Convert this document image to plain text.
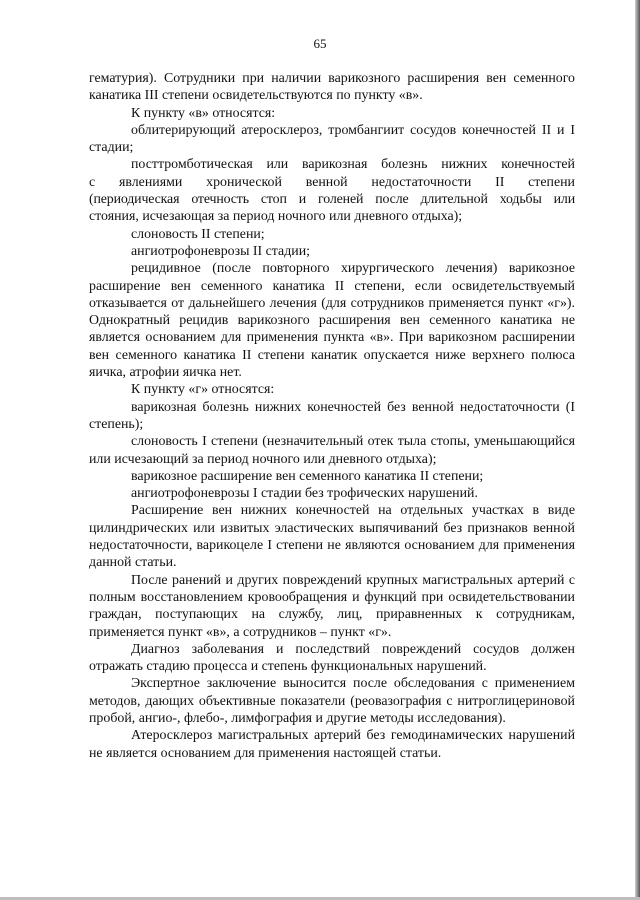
65

гематурия). Сотрудники при наличии варикозного расширения вен семенного канатика III степени освидетельствуются по пункту «в».

К пункту «в» относятся:

облитерирующий атеросклероз, тромбангиит сосудов конечностей II и I стадии;

посттромботическая или варикозная болезнь нижних конечностей
с явлениями хронической венной недостаточности II степени
(периодическая отечность стоп и голеней после длительной ходьбы или
стояния, исчезающая за период ночного или дневного отдыха);

слоновость II степени;

ангиотрофоневрозы II стадии;

рецидивное (после повторного хирургического лечения) варикозное расширение вен семенного канатика II степени, если освидетельствуемый отказывается от дальнейшего лечения (для сотрудников применяется пункт «г»). Однократный рецидив варикозного расширения вен семенного канатика не является основанием для применения пункта «в». При варикозном расширении вен семенного канатика II степени канатик опускается ниже верхнего полюса яичка, атрофии яичка нет.

К пункту «г» относятся:

варикозная болезнь нижних конечностей без венной недостаточности (I степень);

слоновость I степени (незначительный отек тыла стопы, уменьшающийся или исчезающий за период ночного или дневного отдыха);

варикозное расширение вен семенного канатика II степени;

ангиотрофоневрозы I стадии без трофических нарушений.

Расширение вен нижних конечностей на отдельных участках в виде цилиндрических или извитых эластических выпячиваний без признаков венной недостаточности, варикоцеле I степени не являются основанием для применения данной статьи.

После ранений и других повреждений крупных магистральных артерий с полным восстановлением кровообращения и функций при освидетельствовании граждан, поступающих на службу, лиц, приравненных к сотрудникам, применяется пункт «в», а сотрудников – пункт «г».

Диагноз заболевания и последствий повреждений сосудов должен отражать стадию процесса и степень функциональных нарушений.

Экспертное заключение выносится после обследования с применением методов, дающих объективные показатели (реовазография с нитроглицериновой пробой, ангио-, флебо-, лимфография и другие методы исследования).

Атеросклероз магистральных артерий без гемодинамических нарушений не является основанием для применения настоящей статьи.
